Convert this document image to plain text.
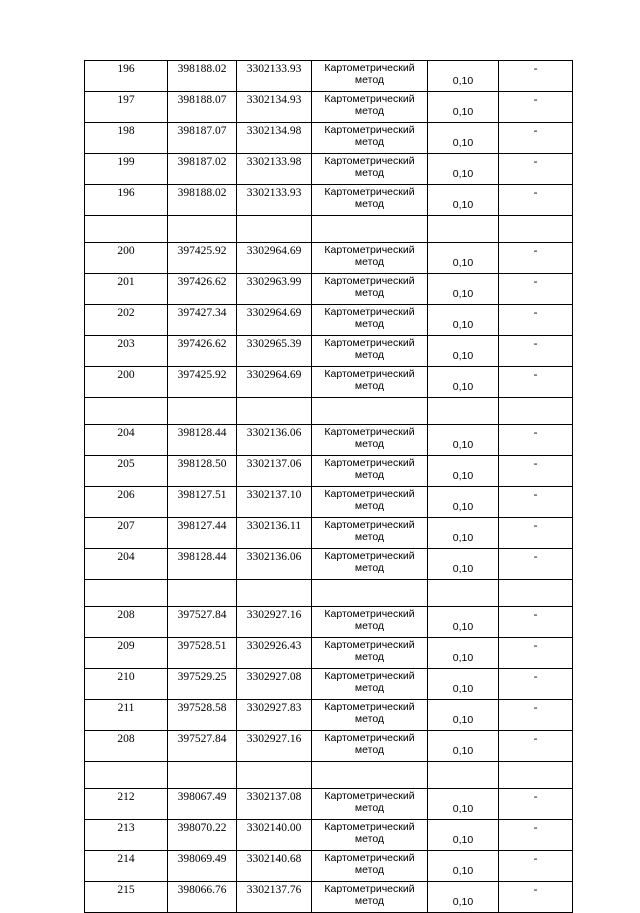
196	398188.02	3302133.93	Картометрический метод	0,10	-

197	398188.07	3302134.93	Картометрический метод	0,10	-

198	398187.07	3302134.98	Картометрический метод	0,10	-

199	398187.02	3302133.98	Картометрический метод	0,10	-

196	398188.02	3302133.93	Картометрический метод	0,10	-

200	397425.92	3302964.69	Картометрический метод	0,10	-

201	397426.62	3302963.99	Картометрический метод	0,10	-

202	397427.34	3302964.69	Картометрический метод	0,10	-

203	397426.62	3302965.39	Картометрический метод	0,10	-

200	397425.92	3302964.69	Картометрический метод	0,10	-

204	398128.44	3302136.06	Картометрический метод	0,10	-

205	398128.50	3302137.06	Картометрический метод	0,10	-

206	398127.51	3302137.10	Картометрический метод	0,10	-

207	398127.44	3302136.11	Картометрический метод	0,10	-

204	398128.44	3302136.06	Картометрический метод	0,10	-

208	397527.84	3302927.16	Картометрический метод	0,10	-

209	397528.51	3302926.43	Картометрический метод	0,10	-

210	397529.25	3302927.08	Картометрический метод	0,10	-

211	397528.58	3302927.83	Картометрический метод	0,10	-

208	397527.84	3302927.16	Картометрический метод	0,10	-

212	398067.49	3302137.08	Картометрический метод	0,10	-

213	398070.22	3302140.00	Картометрический метод	0,10	-

214	398069.49	3302140.68	Картометрический метод	0,10	-

215	398066.76	3302137.76	Картометрический метод	0,10	-
